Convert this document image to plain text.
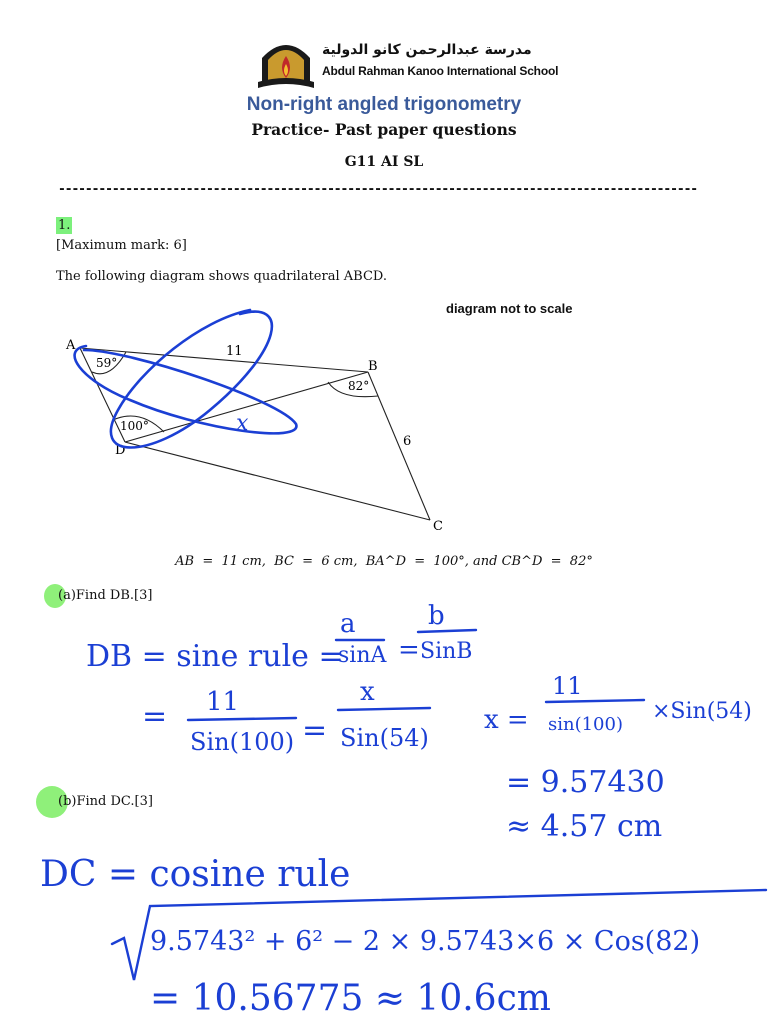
مدرسة عبدالرحمن كانو الدولية
Abdul Rahman Kanoo International School
Non-right angled trigonometry
Practice- Past paper questions
G11 AI SL
-----------------------------------------------------------------------------------------------
1.
[Maximum mark: 6]
The following diagram shows quadrilateral ABCD.
diagram not to scale
A
B
C
D
59°
82°
100°
11
6
x
AB  =  11 cm,  BC  =  6 cm,  BA^D  =  100°, and CB^D  =  82°
(a)Find DB.[3]
(b)Find DC.[3]
DB = sine rule =
a
sinA =
b
SinB
= 11
Sin(100) =
x
Sin(54)
x =
11
sin(100)
×Sin(54)
= 9.57430
≈ 4.57 cm
DC = cosine rule
9.5743² + 6² − 2 × 9.5743×6 × Cos(82)
= 10.56775 ≈ 10.6cm
